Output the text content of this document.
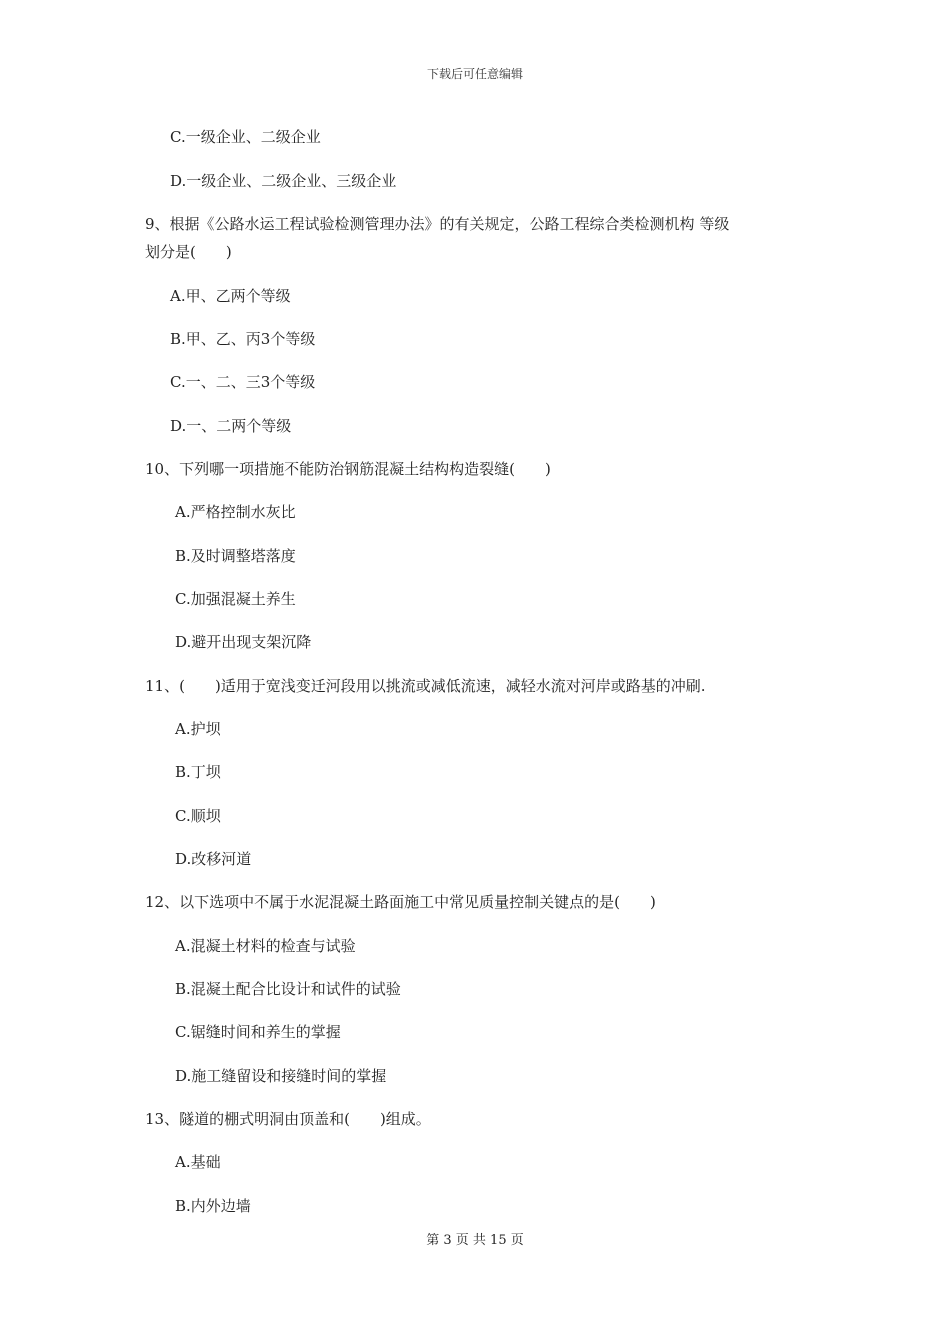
下载后可任意编辑
C.一级企业、二级企业
D.一级企业、二级企业、三级企业
9、根据《公路水运工程试验检测管理办法》的有关规定，公路工程综合类检测机构 等级
划分是(　　)
A.甲、乙两个等级
B.甲、乙、丙3个等级
C.一、二、三3个等级
D.一、二两个等级
10、下列哪一项措施不能防治钢筋混凝土结构构造裂缝(　　)
A.严格控制水灰比
B.及时调整塔落度
C.加强混凝土养生
D.避开出现支架沉降
11、(　　)适用于宽浅变迁河段用以挑流或减低流速，减轻水流对河岸或路基的冲刷.
A.护坝
B.丁坝
C.顺坝
D.改移河道
12、以下选项中不属于水泥混凝土路面施工中常见质量控制关键点的是(　　)
A.混凝土材料的检查与试验
B.混凝土配合比设计和试件的试验
C.锯缝时间和养生的掌握
D.施工缝留设和接缝时间的掌握
13、隧道的棚式明洞由顶盖和(　　)组成。
A.基础
B.内外边墙
第 3 页 共 15 页
